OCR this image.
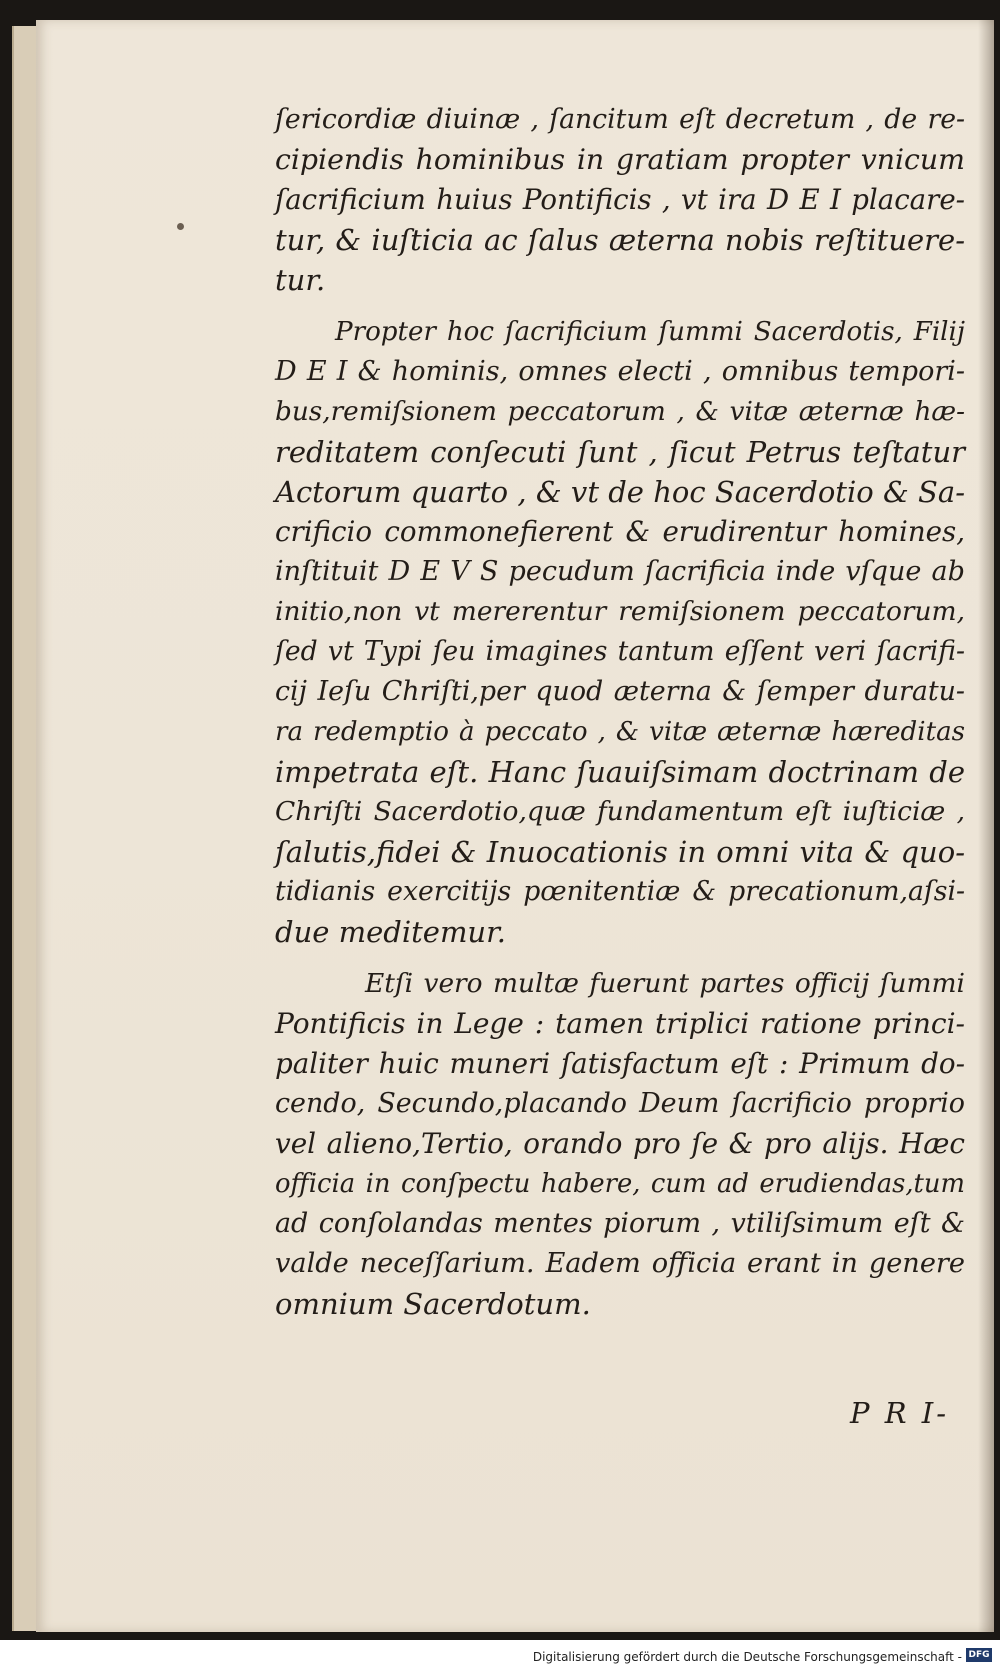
ſericordiæ diuinæ , ſancitum eſt decretum , de re-
cipiendis hominibus in gratiam propter vnicum
ſacrificium huius Pontificis , vt ira D E I placare-
tur, & iuſticia ac ſalus æterna nobis reſtituere-
tur.
Propter hoc ſacrificium ſummi Sacerdotis, Filij
D E I & hominis, omnes electi , omnibus tempori-
bus,remiſsionem peccatorum , & vitæ æternæ hæ-
reditatem conſecuti ſunt , ſicut Petrus teſtatur
Actorum quarto , & vt de hoc Sacerdotio & Sa-
crificio commonefierent & erudirentur homines,
inſtituit D E V S pecudum ſacrificia inde vſque ab
initio,non vt mererentur remiſsionem peccatorum,
ſed vt Typi ſeu imagines tantum eſſent veri ſacrifi-
cij Ieſu Chriſti,per quod æterna & ſemper duratu-
ra redemptio à peccato , & vitæ æternæ hæreditas
impetrata eſt. Hanc ſuauiſsimam doctrinam de
Chriſti Sacerdotio,quæ fundamentum eſt iuſticiæ ,
ſalutis,fidei & Inuocationis in omni vita & quo-
tidianis exercitijs pœnitentiæ & precationum,aſsi-
due meditemur.
Etſi vero multæ fuerunt partes officij ſummi
Pontificis in Lege : tamen triplici ratione princi-
paliter huic muneri ſatisfactum eſt : Primum do-
cendo, Secundo,placando Deum ſacrificio proprio
vel alieno,Tertio, orando pro ſe & pro alijs. Hæc
officia in conſpectu habere, cum ad erudiendas,tum
ad conſolandas mentes piorum , vtiliſsimum eſt &
valde neceſſarium. Eadem officia erant in genere
omnium Sacerdotum.
P R I-
Digitalisierung gefördert durch die Deutsche Forschungsgemeinschaft - DFG
